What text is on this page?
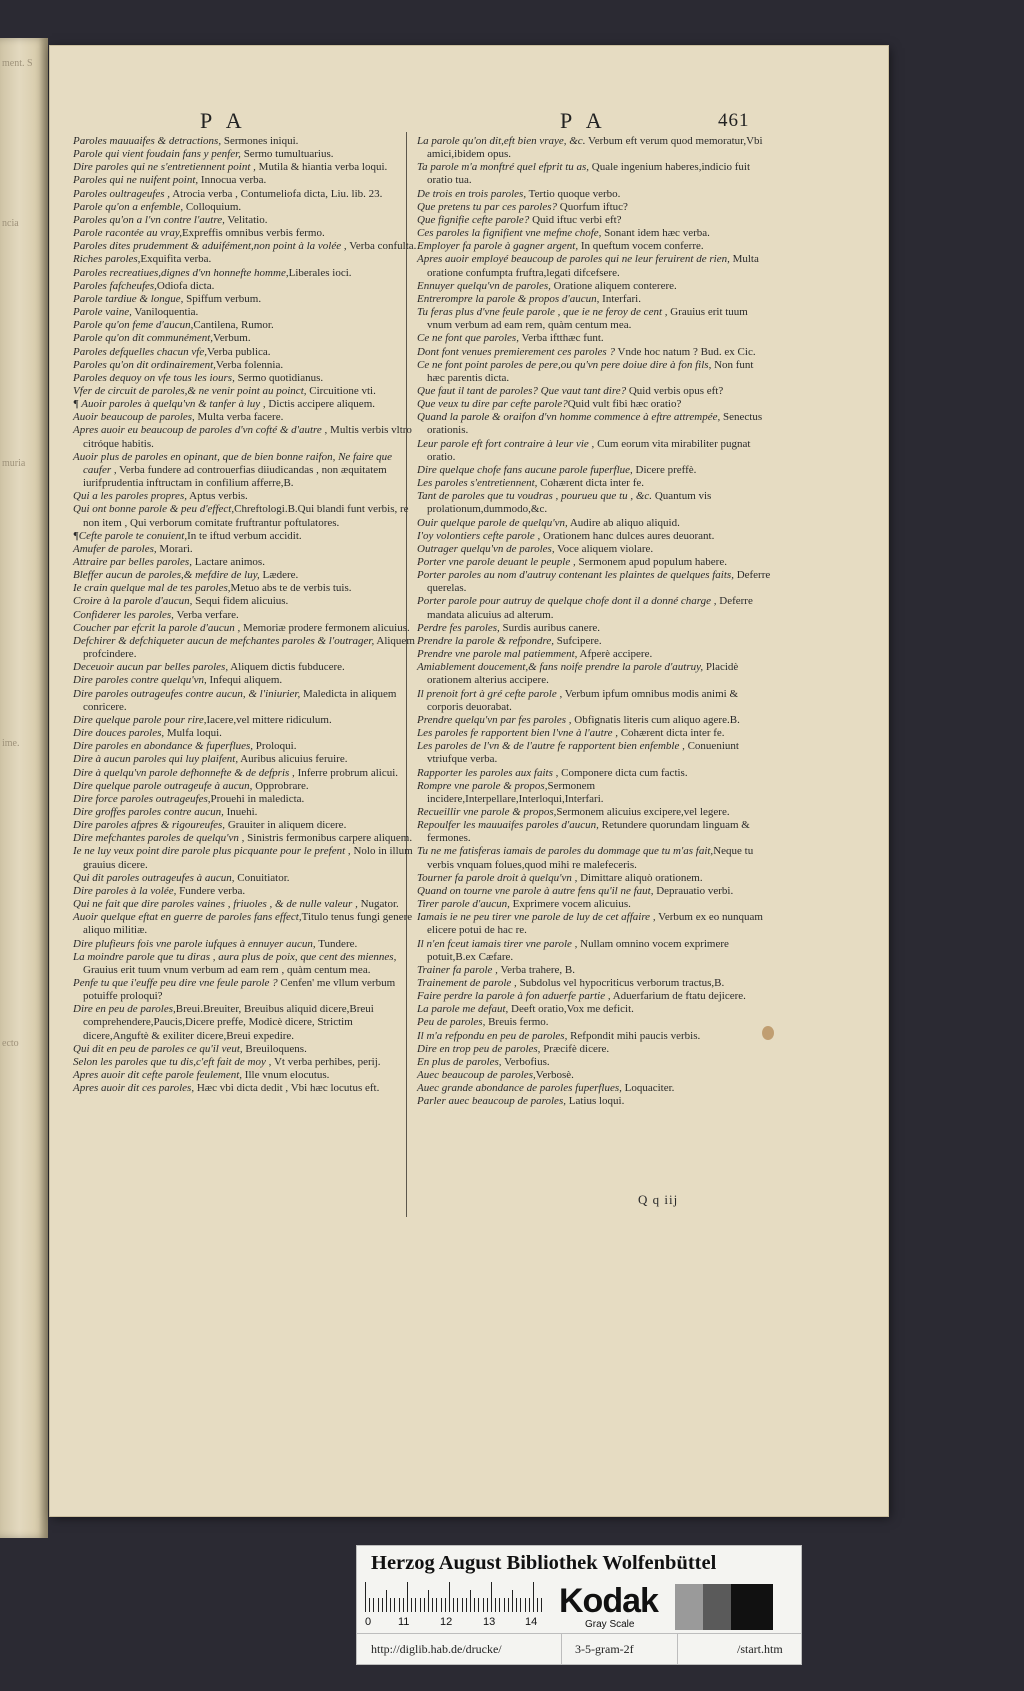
ment. S
ncia
muria
ime.
ecto
P A	P A	461

Paroles mauuaifes & detractions, Sermones iniqui.

Parole qui vient foudain fans y penfer, Sermo tumultuarius.

Dire paroles qui ne s'entretiennent point , Mutila & hiantia verba loqui.

Paroles qui ne nuifent point, Innocua verba.

Paroles oultrageufes , Atrocia verba , Contumeliofa dicta, Liu. lib. 23.

Parole qu'on a enfemble, Colloquium.

Paroles qu'on a l'vn contre l'autre, Velitatio.

Parole racontée au vray,Expreffis omnibus verbis fermo.

Paroles dites prudemment & aduifément,non point à la volée , Verba confulta.

Riches paroles,Exquifita verba.

Paroles recreatiues,dignes d'vn honnefte homme,Liberales ioci.

Paroles fafcheufes,Odiofa dicta.

Parole tardiue & longue, Spiffum verbum.

Parole vaine, Vaniloquentia.

Parole qu'on feme d'aucun,Cantilena, Rumor.

Parole qu'on dit communément,Verbum.

Paroles defquelles chacun vfe,Verba publica.

Paroles qu'on dit ordinairement,Verba folennia.

Paroles dequoy on vfe tous les iours, Sermo quotidianus.

Vfer de circuit de paroles,& ne venir point au poinct, Circuitione vti.

¶ Auoir paroles à quelqu'vn & tanfer à luy , Dictis accipere aliquem.

Auoir beaucoup de paroles, Multa verba facere.

Apres auoir eu beaucoup de paroles d'vn cofté & d'autre , Multis verbis vltro citróque habitis.

Auoir plus de paroles en opinant, que de bien bonne raifon, Ne faire que caufer , Verba fundere ad controuerfias diiudicandas , non æquitatem iurifprudentia inftructam in confilium afferre,B.

Qui a les paroles propres, Aptus verbis.

Qui ont bonne parole & peu d'effect,Chreftologi.B.Qui blandi funt verbis, re non item , Qui verborum comitate fruftrantur poftulatores.

¶Cefte parole te conuient,In te iftud verbum accidit.

Amufer de paroles, Morari.

Attraire par belles paroles, Lactare animos.

Bleffer aucun de paroles,& mefdire de luy, Lædere.

Ie crain quelque mal de tes paroles,Metuo abs te de verbis tuis.

Croire à la parole d'aucun, Sequi fidem alicuius.

Confiderer les paroles, Verba verfare.

Coucher par efcrit la parole d'aucun , Memoriæ prodere fermonem alicuius.

Defchirer & defchiqueter aucun de mefchantes paroles & l'outrager, Aliquem profcindere.

Deceuoir aucun par belles paroles, Aliquem dictis fubducere.

Dire paroles contre quelqu'vn, Infequi aliquem.

Dire paroles outrageufes contre aucun, & l'iniurier, Maledicta in aliquem conricere.

Dire quelque parole pour rire,Iacere,vel mittere ridiculum.

Dire douces paroles, Mulfa loqui.

Dire paroles en abondance & fuperflues, Proloqui.

Dire à aucun paroles qui luy plaifent, Auribus alicuius feruire.

Dire à quelqu'vn parole defhonnefte & de defpris , Inferre probrum alicui.

Dire quelque parole outrageufe à aucun, Opprobrare.

Dire force paroles outrageufes,Prouehi in maledicta.

Dire groffes paroles contre aucun, Inuehi.

Dire paroles afpres & rigoureufes, Grauiter in aliquem dicere.

Dire mefchantes paroles de quelqu'vn , Sinistris fermonibus carpere aliquem.

Ie ne luy veux point dire parole plus picquante pour le prefent , Nolo in illum grauius dicere.

Qui dit paroles outrageufes à aucun, Conuitiator.

Dire paroles à la volée, Fundere verba.

Qui ne fait que dire paroles vaines , friuoles , & de nulle valeur , Nugator.

Auoir quelque eftat en guerre de paroles fans effect,Titulo tenus fungi genere aliquo militiæ.

Dire plufieurs fois vne parole iufques à ennuyer aucun, Tundere.

La moindre parole que tu diras , aura plus de poix, que cent des miennes, Grauius erit tuum vnum verbum ad eam rem , quàm centum mea.

Penfe tu que i'euffe peu dire vne feule parole ? Cenfen' me vllum verbum potuiffe proloqui?

Dire en peu de paroles,Breui.Breuiter, Breuibus aliquid dicere,Breui comprehendere,Paucis,Dicere preffe, Modicè dicere, Strictim dicere,Anguftè & exiliter dicere,Breui expedire.

Qui dit en peu de paroles ce qu'il veut, Breuiloquens.

Selon les paroles que tu dis,c'eft fait de moy , Vt verba perhibes, perij.

Apres auoir dit cefte parole feulement, Ille vnum elocutus.

Apres auoir dit ces paroles, Hæc vbi dicta dedit , Vbi hæc locutus eft.

La parole qu'on dit,eft bien vraye, &c. Verbum eft verum quod memoratur,Vbi amici,ibidem opus.

Ta parole m'a monftré quel efprit tu as, Quale ingenium haberes,indicio fuit oratio tua.

De trois en trois paroles, Tertio quoque verbo.

Que pretens tu par ces paroles? Quorfum iftuc?

Que fignifie cefte parole? Quid iftuc verbi eft?

Ces paroles la fignifient vne mefme chofe, Sonant idem hæc verba.

Employer fa parole à gagner argent, In queftum vocem conferre.

Apres auoir employé beaucoup de paroles qui ne leur feruirent de rien, Multa oratione confumpta fruftra,legati difcefsere.

Ennuyer quelqu'vn de paroles, Oratione aliquem conterere.

Entrerompre la parole & propos d'aucun, Interfari.

Tu feras plus d'vne feule parole , que ie ne feroy de cent , Grauius erit tuum vnum verbum ad eam rem, quàm centum mea.

Ce ne font que paroles, Verba iftthæc funt.

Dont font venues premierement ces paroles ? Vnde hoc natum ? Bud. ex Cic.

Ce ne font point paroles de pere,ou qu'vn pere doiue dire à fon fils, Non funt hæc parentis dicta.

Que faut il tant de paroles? Que vaut tant dire? Quid verbis opus eft?

Que veux tu dire par cefte parole?Quid vult fibi hæc oratio?

Quand la parole & oraifon d'vn homme commence à eftre attrempée, Senectus orationis.

Leur parole eft fort contraire à leur vie , Cum eorum vita mirabiliter pugnat oratio.

Dire quelque chofe fans aucune parole fuperflue, Dicere preffè.

Les paroles s'entretiennent, Cohærent dicta inter fe.

Tant de paroles que tu voudras , pourueu que tu , &c. Quantum vis prolationum,dummodo,&c.

Ouir quelque parole de quelqu'vn, Audire ab aliquo aliquid.

I'oy volontiers cefte parole , Orationem hanc dulces aures deuorant.

Outrager quelqu'vn de paroles, Voce aliquem violare.

Porter vne parole deuant le peuple , Sermonem apud populum habere.

Porter paroles au nom d'autruy contenant les plaintes de quelques faits, Deferre querelas.

Porter parole pour autruy de quelque chofe dont il a donné charge , Deferre mandata alicuius ad alterum.

Perdre fes paroles, Surdis auribus canere.

Prendre la parole & refpondre, Sufcipere.

Prendre vne parole mal patiemment, Afperè accipere.

Amiablement doucement,& fans noife prendre la parole d'autruy, Placidè orationem alterius accipere.

Il prenoit fort à gré cefte parole , Verbum ipfum omnibus modis animi & corporis deuorabat.

Prendre quelqu'vn par fes paroles , Obfignatis literis cum aliquo agere.B.

Les paroles fe rapportent bien l'vne à l'autre , Cohærent dicta inter fe.

Les paroles de l'vn & de l'autre fe rapportent bien enfemble , Conueniunt vtriufque verba.

Rapporter les paroles aux faits , Componere dicta cum factis.

Rompre vne parole & propos,Sermonem incidere,Interpellare,Interloqui,Interfari.

Recueillir vne parole & propos,Sermonem alicuius excipere,vel legere.

Repoulfer les mauuaifes paroles d'aucun, Retundere quorundam linguam & fermones.

Tu ne me fatisferas iamais de paroles du dommage que tu m'as fait,Neque tu verbis vnquam folues,quod mihi re malefeceris.

Tourner fa parole droit à quelqu'vn , Dimittare aliquò orationem.

Quand on tourne vne parole à autre fens qu'il ne faut, Deprauatio verbi.

Tirer parole d'aucun, Exprimere vocem alicuius.

Iamais ie ne peu tirer vne parole de luy de cet affaire , Verbum ex eo nunquam elicere potui de hac re.

Il n'en fceut iamais tirer vne parole , Nullam omnino vocem exprimere potuit,B.ex Cæfare.

Trainer fa parole , Verba trahere, B.

Trainement de parole , Subdolus vel hypocriticus verborum tractus,B.

Faire perdre la parole à fon aduerfe partie , Aduerfarium de ftatu dejicere.

La parole me defaut, Deeft oratio,Vox me deficit.

Peu de paroles, Breuis fermo.

Il m'a refpondu en peu de paroles, Refpondit mihi paucis verbis.

Dire en trop peu de paroles, Præcifè dicere.

En plus de paroles, Verbofius.

Auec beaucoup de paroles,Verbosè.

Auec grande abondance de paroles fuperflues, Loquaciter.

Parler auec beaucoup de paroles, Latius loqui.

Q q iij
Herzog August Bibliothek Wolfenbüttel
0 11	12	13	14
Kodak
Gray Scale
http://diglib.hab.de/drucke/	3-5-gram-2f	/start.htm
